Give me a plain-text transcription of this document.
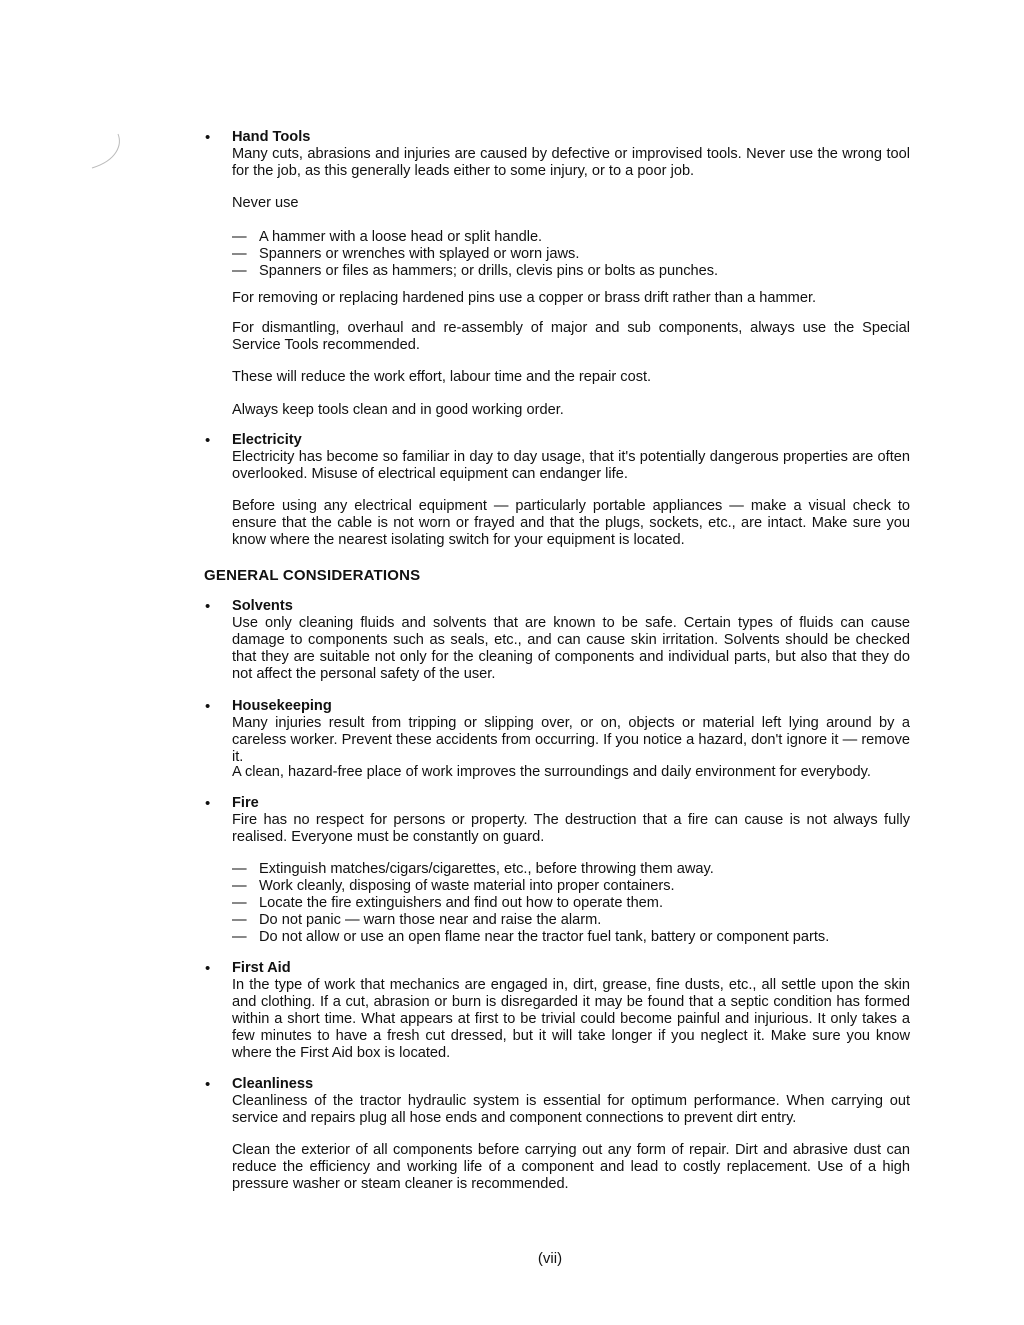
•	Hand Tools

Many cuts, abrasions and injuries are caused by defective or improvised tools. Never use the wrong tool for the job, as this generally leads either to some injury, or to a poor job.

Never use

— A hammer with a loose head or split handle.

— Spanners or wrenches with splayed or worn jaws.

— Spanners or files as hammers; or drills, clevis pins or bolts as punches.

For removing or replacing hardened pins use a copper or brass drift rather than a hammer.

For dismantling, overhaul and re-assembly of major and sub components, always use the Special Service Tools recommended.

These will reduce the work effort, labour time and the repair cost.

Always keep tools clean and in good working order.

•	Electricity

Electricity has become so familiar in day to day usage, that it's potentially dangerous properties are often overlooked. Misuse of electrical equipment can endanger life.

Before using any electrical equipment — particularly portable appliances — make a visual check to ensure that the cable is not worn or frayed and that the plugs, sockets, etc., are intact. Make sure you know where the nearest isolating switch for your equipment is located.

GENERAL CONSIDERATIONS
•	Solvents

Use only cleaning fluids and solvents that are known to be safe. Certain types of fluids can cause damage to components such as seals, etc., and can cause skin irritation. Solvents should be checked that they are suitable not only for the cleaning of components and individual parts, but also that they do not affect the personal safety of the user.

•	Housekeeping

Many injuries result from tripping or slipping over, or on, objects or material left lying around by a careless worker. Prevent these accidents from occurring. If you notice a hazard, don't ignore it — remove it.

A clean, hazard-free place of work improves the surroundings and daily environment for everybody.

•	Fire

Fire has no respect for persons or property. The destruction that a fire can cause is not always fully realised. Everyone must be constantly on guard.

— Extinguish matches/cigars/cigarettes, etc., before throwing them away.

— Work cleanly, disposing of waste material into proper containers.

— Locate the fire extinguishers and find out how to operate them.

— Do not panic — warn those near and raise the alarm.

— Do not allow or use an open flame near the tractor fuel tank, battery or component parts.

•	First Aid

In the type of work that mechanics are engaged in, dirt, grease, fine dusts, etc., all settle upon the skin and clothing. If a cut, abrasion or burn is disregarded it may be found that a septic condition has formed within a short time. What appears at first to be trivial could become painful and injurious. It only takes a few minutes to have a fresh cut dressed, but it will take longer if you neglect it. Make sure you know where the First Aid box is located.

•	Cleanliness

Cleanliness of the tractor hydraulic system is essential for optimum performance. When carrying out service and repairs plug all hose ends and component connections to prevent dirt entry.

Clean the exterior of all components before carrying out any form of repair. Dirt and abrasive dust can reduce the efficiency and working life of a component and lead to costly replacement. Use of a high pressure washer or steam cleaner is recommended.

(vii)
